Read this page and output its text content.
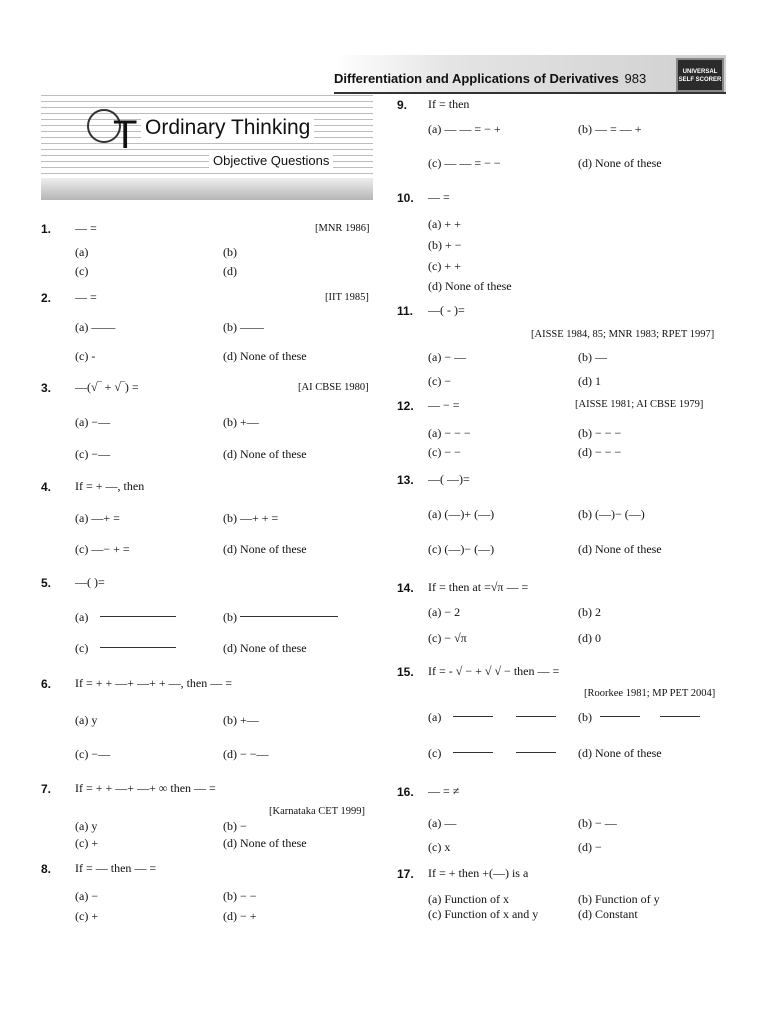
Differentiation and Applications of Derivatives 983	UNIVERSAL SELF SCORER
T Ordinary Thinking
Objective Questions
1. — =	[MNR 1986]
(a)	(b)
(c)	(d)
2. — =	[IIT 1985]
(a) ——	(b) ——
(c) -	(d) None of these
3. —(√‾ + √‾) =	[AI CBSE 1980]
(a) −—	(b) +—
(c) −—	(d) None of these
4. If = + —, then
(a) —+ =	(b) —+ + =
(c) —− + =	(d) None of these
5. —( )=
(a)	(b)
(c)	(d) None of these
6. If = + + —+ —+ + —, then — =
(a) y	(b) +—
(c) −—	(d) − −—
7. If = + + —+ —+ ∞ then — =
[Karnataka CET 1999]
(a) y	(b) −
(c) +	(d) None of these
8. If = — then — =
(a) −	(b) − −
(c) +	(d) − +
9. If = then
(a) — — = − +	(b) — = — +
(c) — — = − −	(d) None of these
10. — =
(a) + +
(b) + −
(c) + +
(d) None of these
11. —( - )=
[AISSE 1984, 85; MNR 1983; RPET 1997]
(a) − —	(b) —
(c) −	(d) 1
12. — − =	[AISSE 1981; AI CBSE 1979]
(a) − − −	(b) − − −
(c) − −	(d) − − −
13. —( —)=
(a) (—)+ (—)	(b) (—)− (—)
(c) (—)− (—)	(d) None of these
14. If = then at =√π — =
(a) − 2	(b) 2
(c) − √π	(d) 0
15. If = - √ − + √ √ − then — =
[Roorkee 1981; MP PET 2004]
(a)	(b)
(c)	(d) None of these
16. — = ≠
(a) —	(b) − —
(c) x	(d) −
17. If = + then +(—) is a
(a) Function of x	(b) Function of y
(c) Function of x and y	(d) Constant
